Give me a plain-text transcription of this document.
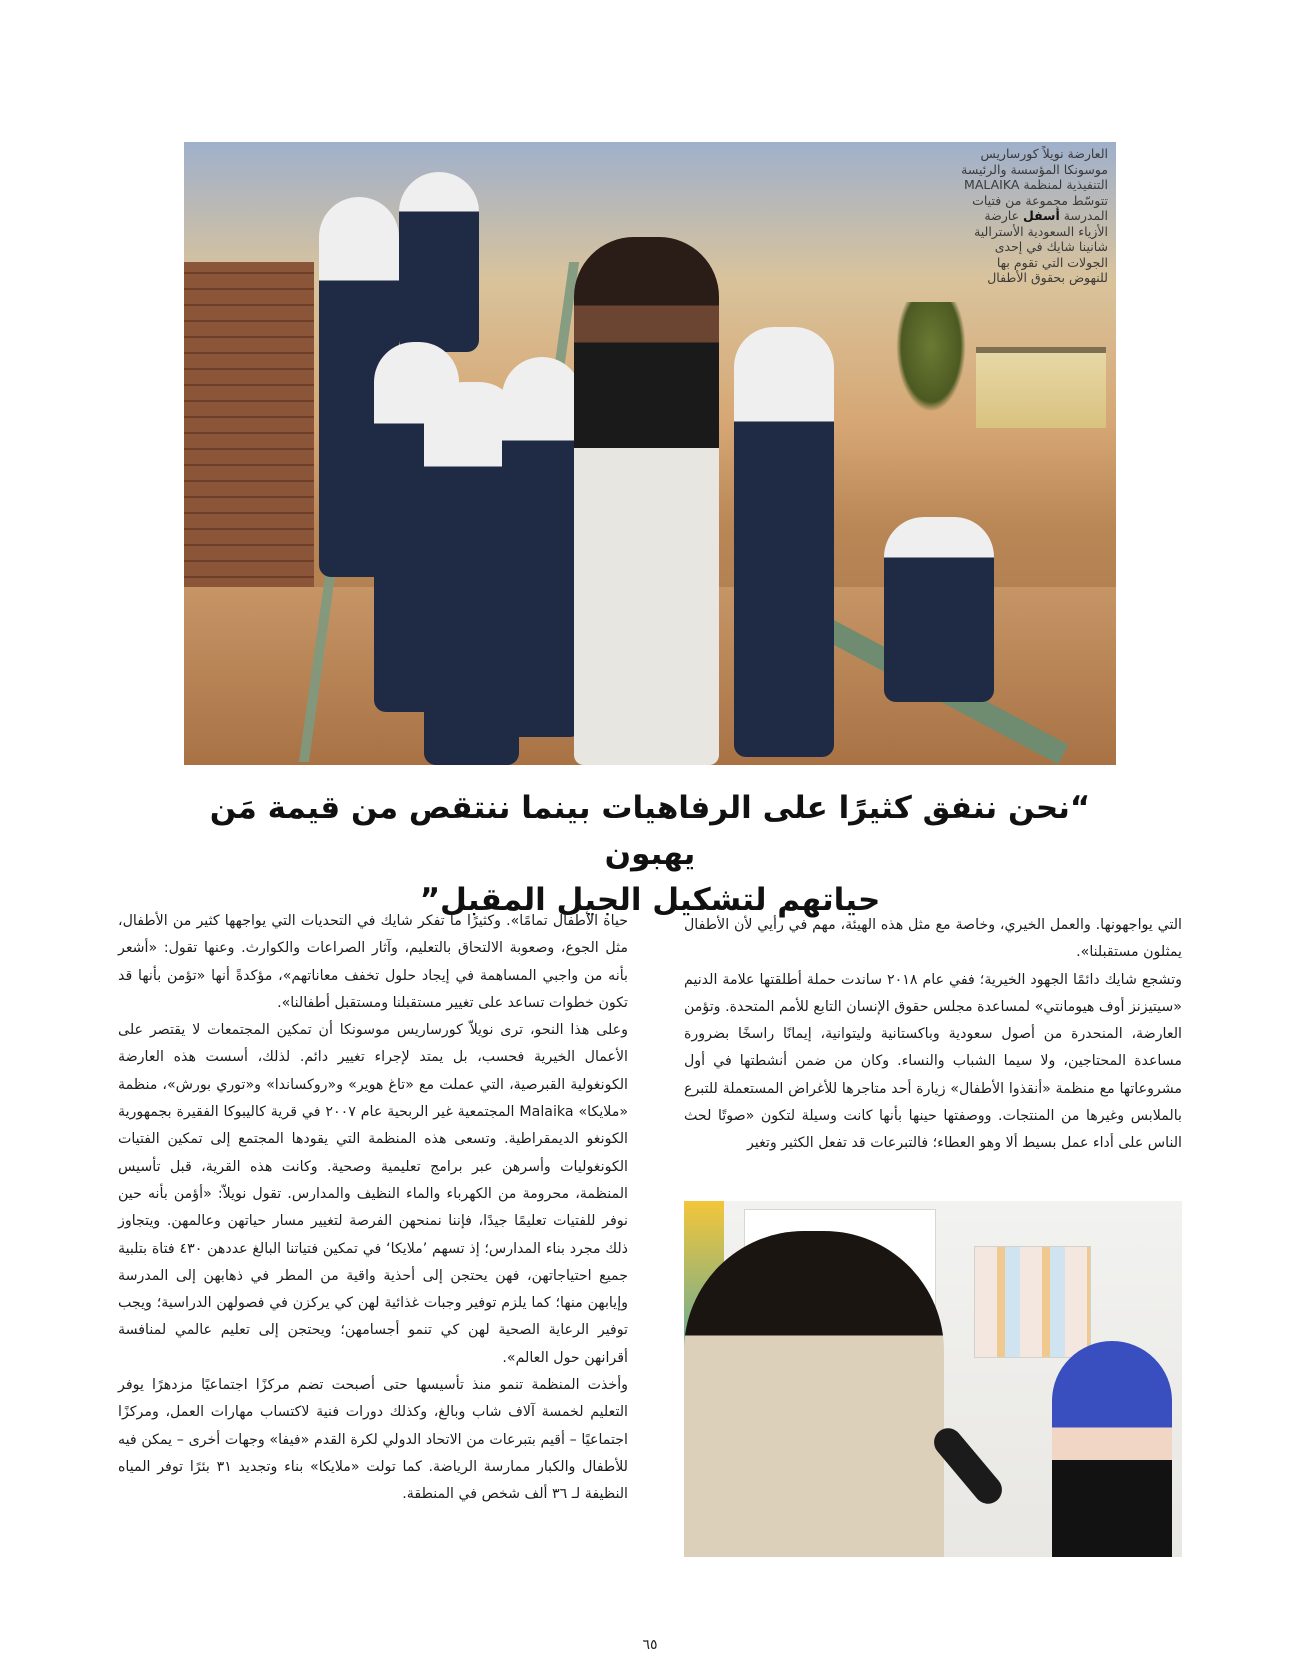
العارضة نويلاً كورساريس موسونكا المؤسسة والرئيسة التنفيذية لمنظمة MALAIKA تتوسّط مجموعة من فتيات المدرسة أسفل عارضة الأزياء السعودية الأسترالية شانينا شايك في إحدى الجولات التي تقوم بها للنهوض بحقوق الأطفال
“نحن ننفق كثيرًا على الرفاهيات بينما ننتقص من قيمة مَن يهبون
حياتهم لتشكيل الجيل المقبل”

التي يواجهونها. والعمل الخيري، وخاصة مع مثل هذه الهيئة، مهم في رأيي لأن الأطفال يمثلون مستقبلنا».

وتشجع شايك دائمًا الجهود الخيرية؛ ففي عام ٢٠١٨ ساندت حملة أطلقتها علامة الدنيم «سيتيزنز أوف هيومانتي» لمساعدة مجلس حقوق الإنسان التابع للأمم المتحدة. وتؤمن العارضة، المنحدرة من أصول سعودية وباكستانية وليتوانية، إيمانًا راسخًا بضرورة مساعدة المحتاجين، ولا سيما الشباب والنساء. وكان من ضمن أنشطتها في أول مشروعاتها مع منظمة «أنقذوا الأطفال» زيارة أحد متاجرها للأغراض المستعملة للتبرع بالملابس وغيرها من المنتجات. ووصفتها حينها بأنها كانت وسيلة لتكون «صوتًا لحث الناس على أداء عمل بسيط ألا وهو العطاء؛ فالتبرعات قد تفعل الكثير وتغير

حياة الأطفال تمامًا». وكثيرًا ما تفكر شايك في التحديات التي يواجهها كثير من الأطفال، مثل الجوع، وصعوبة الالتحاق بالتعليم، وآثار الصراعات والكوارث. وعنها تقول: «أشعر بأنه من واجبي المساهمة في إيجاد حلول تخفف معاناتهم»، مؤكدةً أنها «تؤمن بأنها قد تكون خطوات تساعد على تغيير مستقبلنا ومستقبل أطفالنا».

وعلى هذا النحو، ترى نويلاّ كورساريس موسونكا أن تمكين المجتمعات لا يقتصر على الأعمال الخيرية فحسب، بل يمتد لإجراء تغيير دائم. لذلك، أسست هذه العارضة الكونغولية القبرصية، التي عملت مع «تاغ هوير» و«روكساندا» و«توري بورش»، منظمة «ملايكا» Malaika المجتمعية غير الربحية عام ٢٠٠٧ في قرية كاليبوكا الفقيرة بجمهورية الكونغو الديمقراطية. وتسعى هذه المنظمة التي يقودها المجتمع إلى تمكين الفتيات الكونغوليات وأسرهن عبر برامج تعليمية وصحية. وكانت هذه القرية، قبل تأسيس المنظمة، محرومة من الكهرباء والماء النظيف والمدارس. تقول نويلاّ: «أؤمن بأنه حين نوفر للفتيات تعليمًا جيدًا، فإننا نمنحهن الفرصة لتغيير مسار حياتهن وعالمهن. ويتجاوز ذلك مجرد بناء المدارس؛ إذ تسهم ’ملايكا‘ في تمكين فتياتنا البالغ عددهن ٤٣٠ فتاة بتلبية جميع احتياجاتهن، فهن يحتجن إلى أحذية واقية من المطر في ذهابهن إلى المدرسة وإيابهن منها؛ كما يلزم توفير وجبات غذائية لهن كي يركزن في فصولهن الدراسية؛ ويجب توفير الرعاية الصحية لهن كي تنمو أجسامهن؛ ويحتجن إلى تعليم عالمي لمنافسة أقرانهن حول العالم».

وأخذت المنظمة تنمو منذ تأسيسها حتى أصبحت تضم مركزًا اجتماعيًا مزدهرًا يوفر التعليم لخمسة آلاف شاب وبالغ، وكذلك دورات فنية لاكتساب مهارات العمل، ومركزًا اجتماعيًا – أقيم بتبرعات من الاتحاد الدولي لكرة القدم «فيفا» وجهات أخرى – يمكن فيه للأطفال والكبار ممارسة الرياضة. كما تولت «ملايكا» بناء وتجديد ٣١ بئرًا توفر المياه النظيفة لـ ٣٦ ألف شخص في المنطقة.

٦٥
